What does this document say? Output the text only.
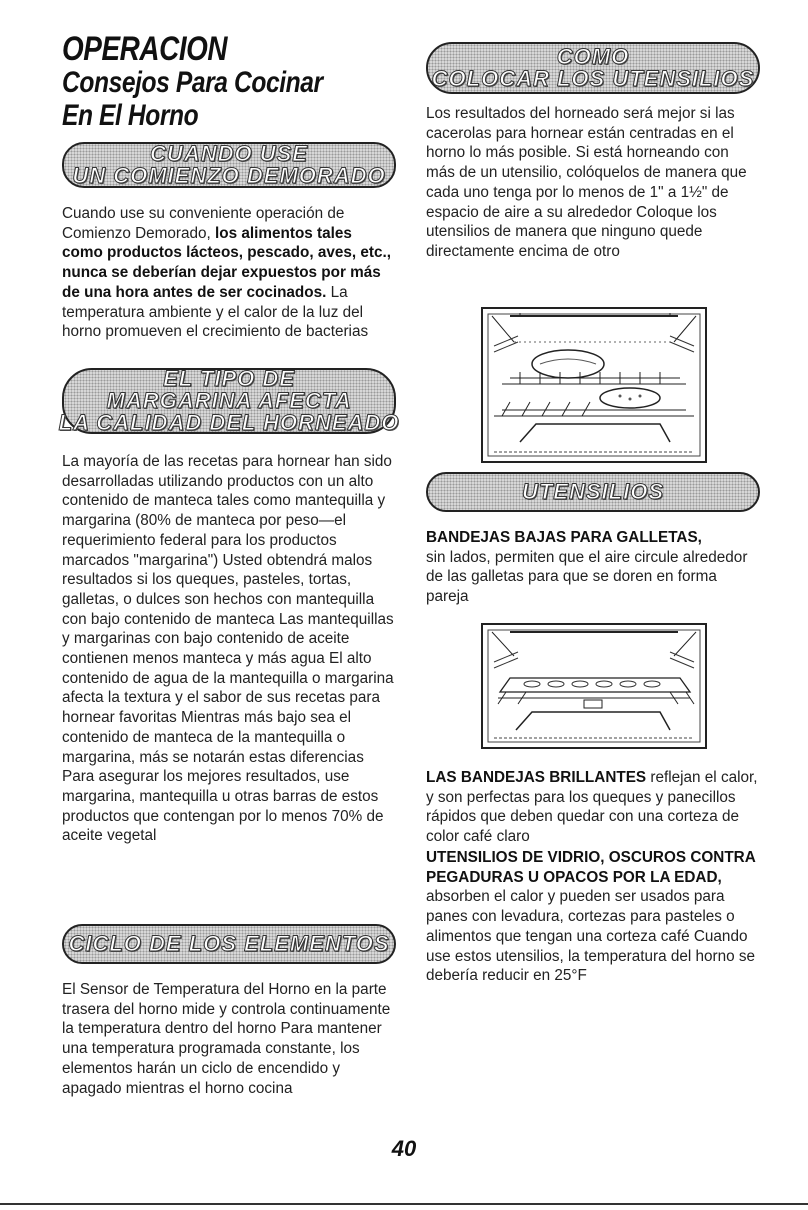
OPERACION
Consejos Para Cocinar
En El Horno
CUANDO USE
UN COMIENZO DEMORADO
Cuando use su conveniente operación de Comienzo Demorado, los alimentos tales como productos lácteos, pescado, aves, etc., nunca se deberían dejar expuestos por más de una hora antes de ser cocinados. La temperatura ambiente y el calor de la luz del horno promueven el crecimiento de bacterias
EL TIPO DE
MARGARINA AFECTA
LA CALIDAD DEL HORNEADO
La mayoría de las recetas para hornear han sido desarrolladas utilizando productos con un alto contenido de manteca tales como mantequilla y margarina (80% de manteca por peso—el requerimiento federal para los productos marcados "margarina") Usted obtendrá malos resultados si los queques, pasteles, tortas, galletas, o dulces son hechos con mantequilla con bajo contenido de manteca Las mantequillas y margarinas con bajo contenido de aceite contienen menos manteca y más agua El alto contenido de agua de la mantequilla o margarina afecta la textura y el sabor de sus recetas para hornear favoritas Mientras más bajo sea el contenido de manteca de la mantequilla o margarina, más se notarán estas diferencias Para asegurar los mejores resultados, use margarina, mantequilla u otras barras de estos productos que contengan por lo menos 70% de aceite vegetal
CICLO DE LOS ELEMENTOS
El Sensor de Temperatura del Horno en la parte trasera del horno mide y controla continuamente la temperatura dentro del horno Para mantener una temperatura programada constante, los elementos harán un ciclo de encendido y apagado mientras el horno cocina
COMO
COLOCAR LOS UTENSILIOS
Los resultados del horneado será mejor si las cacerolas para hornear están centradas en el horno lo más posible. Si está horneando con más de un utensilio, colóquelos de manera que cada uno tenga por lo menos de 1" a 1½" de espacio de aire a su alrededor Coloque los utensilios de manera que ninguno quede directamente encima de otro
UTENSILIOS
BANDEJAS BAJAS PARA GALLETAS,
sin lados, permiten que el aire circule alrededor de las galletas para que se doren en forma pareja
LAS BANDEJAS BRILLANTES reflejan el calor, y son perfectas para los queques y panecillos rápidos que deben quedar con una corteza de color café claro
UTENSILIOS DE VIDRIO, OSCUROS CONTRA PEGADURAS U OPACOS POR LA EDAD, absorben el calor y pueden ser usados para panes con levadura, cortezas para pasteles o alimentos que tengan una corteza café Cuando use estos utensilios, la temperatura del horno se debería reducir en 25°F
40
